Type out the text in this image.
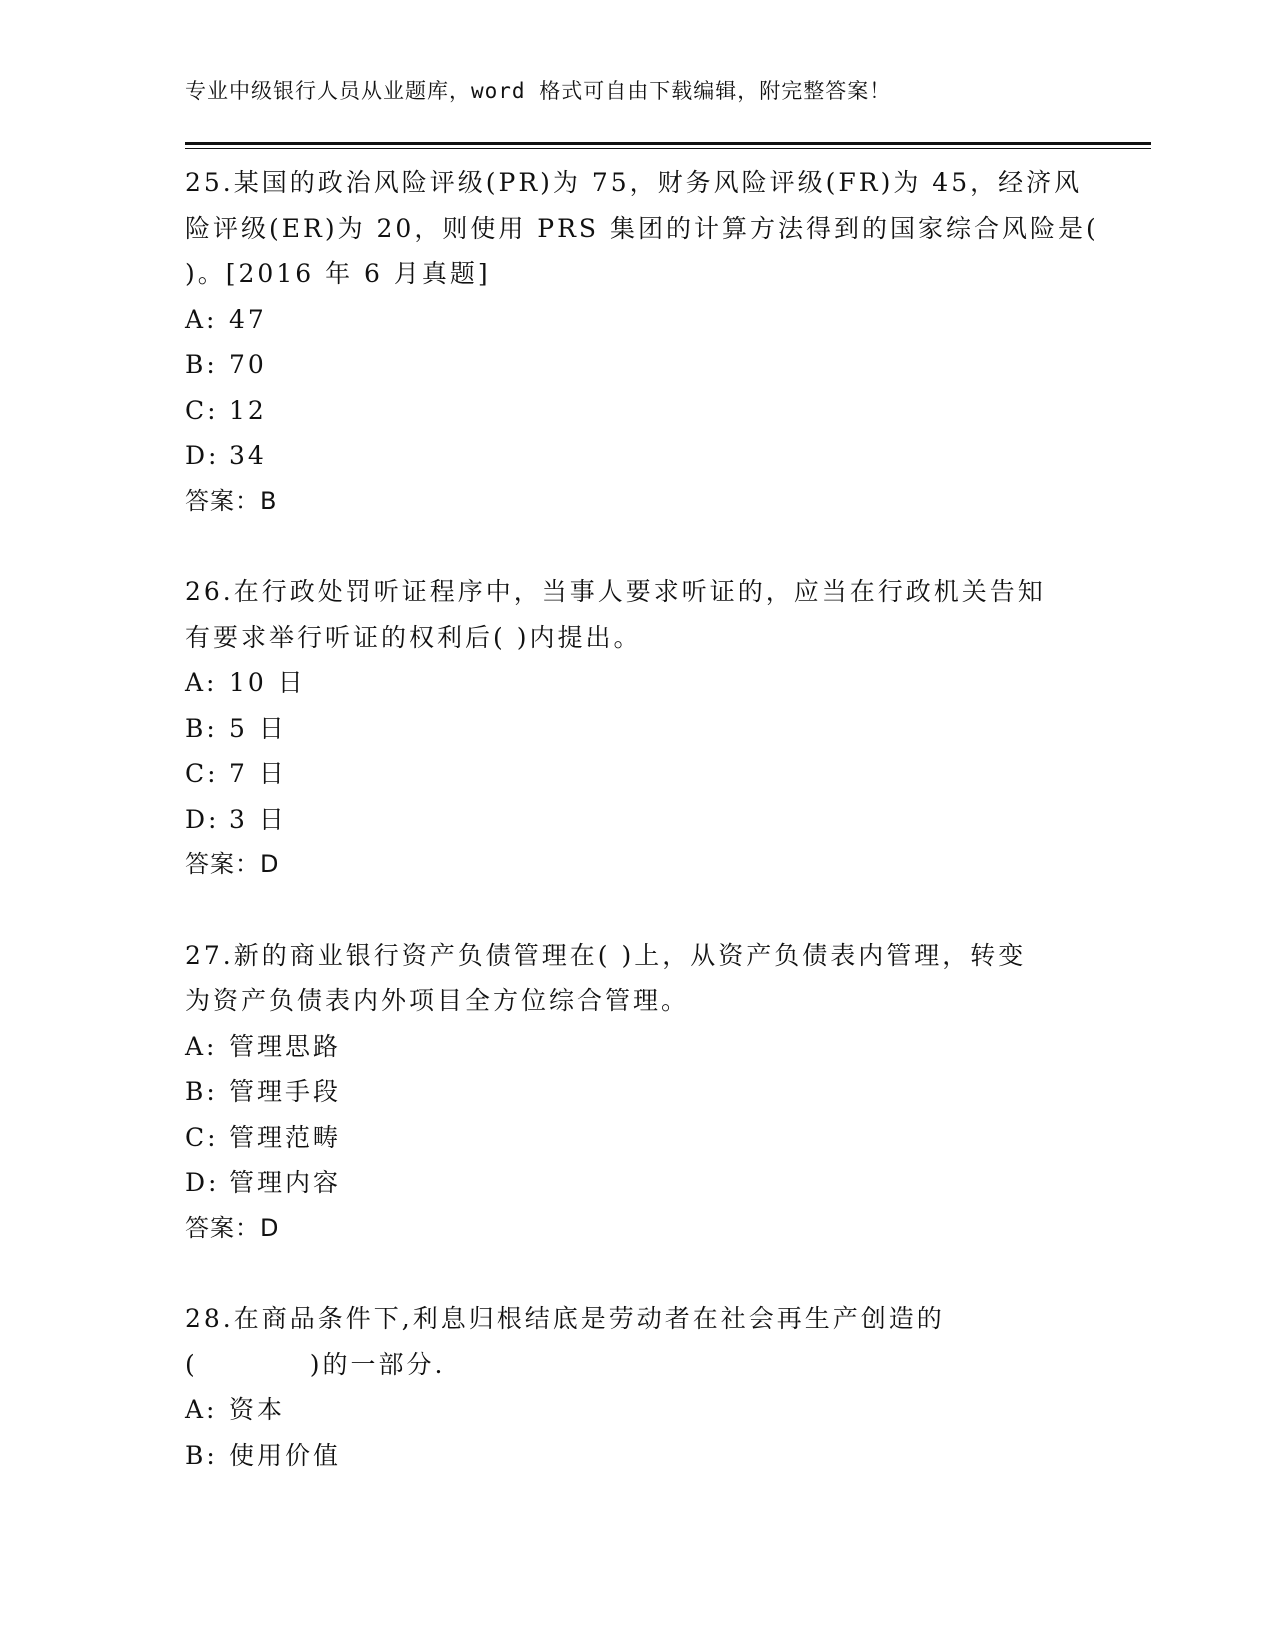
专业中级银行人员从业题库，word 格式可自由下载编辑，附完整答案！

25.某国的政治风险评级(PR)为 75，财务风险评级(FR)为 45，经济风
险评级(ER)为 20，则使用 PRS 集团的计算方法得到的国家综合风险是(
)。[2016 年 6 月真题]

A: 47
B: 70
C: 12
D: 34
答案：B

26.在行政处罚听证程序中，当事人要求听证的，应当在行政机关告知
有要求举行听证的权利后( )内提出。

A: 10 日
B: 5 日
C: 7 日
D: 3 日
答案：D

27.新的商业银行资产负债管理在( )上，从资产负债表内管理，转变
为资产负债表内外项目全方位综合管理。

A: 管理思路
B: 管理手段
C: 管理范畴
D: 管理内容
答案：D

28.在商品条件下,利息归根结底是劳动者在社会再生产创造的
(　　　　)的一部分.

A: 资本
B: 使用价值
